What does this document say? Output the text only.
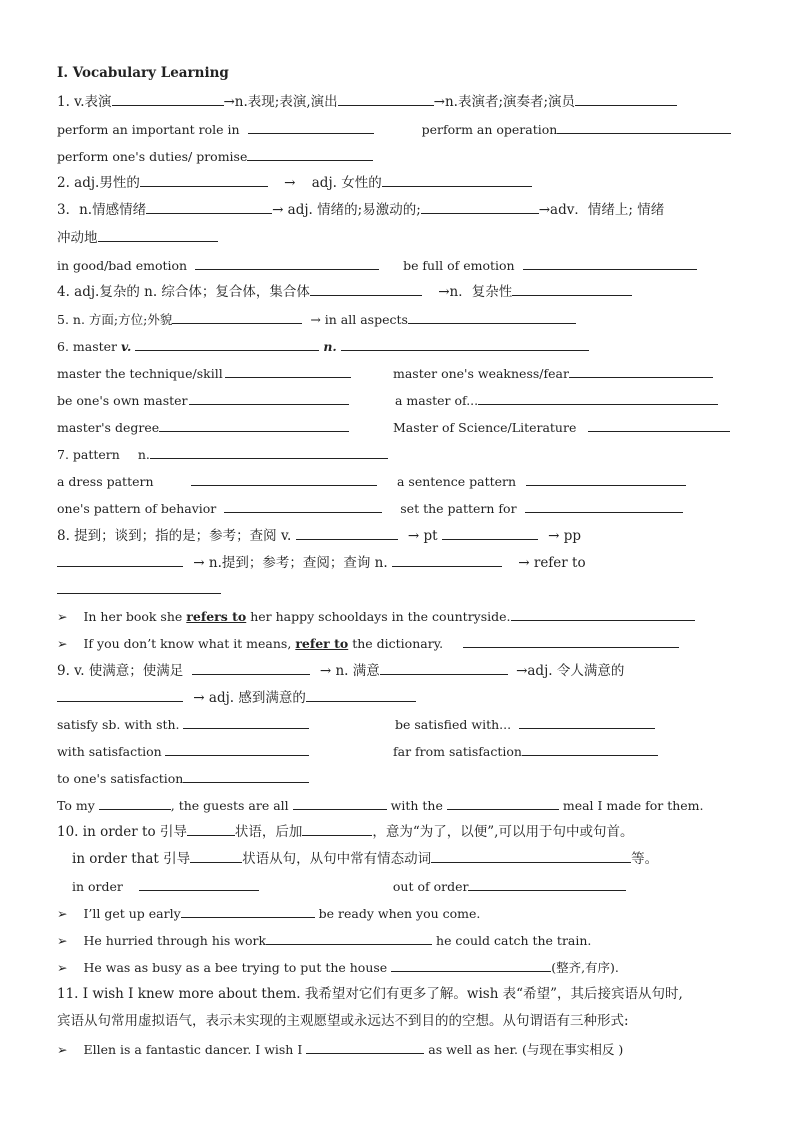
I. Vocabulary Learning
1. v.表演	→n.表现;表演,演出	→n.表演者;演奏者;演员
perform an important role in	perform an operation
perform one's duties/ promise
2. adj.男性的	→ adj. 女性的
3．n.情感情绪	→ adj. 情绪的;易激动的;	→adv．情绪上; 情绪
冲动地
in good/bad emotion	be full of emotion
4. adj.复杂的 n. 综合体；复合体，集合体	→n．复杂性
5. n. 方面;方位;外貌	→ in all aspects
6. master v.	n.
master the technique/skill	master one's weakness/fear
be one's own master	a master of...
master's degree	Master of Science/Literature
7. pattern n.
a dress pattern	a sentence pattern
one's pattern of behavior	set the pattern for
8. 提到；谈到；指的是；参考；查阅 v.	→ pt	→ pp
→ n.提到；参考；查阅；查询 n.	→ refer to
➢ In her book she refers to her happy schooldays in the countryside.
➢ If you don’t know what it means, refer to the dictionary.
9. v. 使满意；使满足	→ n. 满意	→adj. 令人满意的
→ adj. 感到满意的
satisfy sb. with sth.	be satisfied with...
with satisfaction	far from satisfaction
to one's satisfaction
To my	, the guests are all	with the	meal I made for them.
10. in order to 引导	状语，后加	，意为“为了，以便”,可以用于句中或句首。
in order that 引导	状语从句，从句中常有情态动词	等。
in order	out of order
➢ I’ll get up early	be ready when you come.
➢ He hurried through his work	he could catch the train.
➢ He was as busy as a bee trying to put the house	(整齐,有序).
11. I wish I knew more about them. 我希望对它们有更多了解。wish 表“希望”，其后接宾语从句时,
宾语从句常用虚拟语气，表示未实现的主观愿望或永远达不到目的的空想。从句谓语有三种形式:
➢ Ellen is a fantastic dancer. I wish I	as well as her. (与现在事实相反 )
